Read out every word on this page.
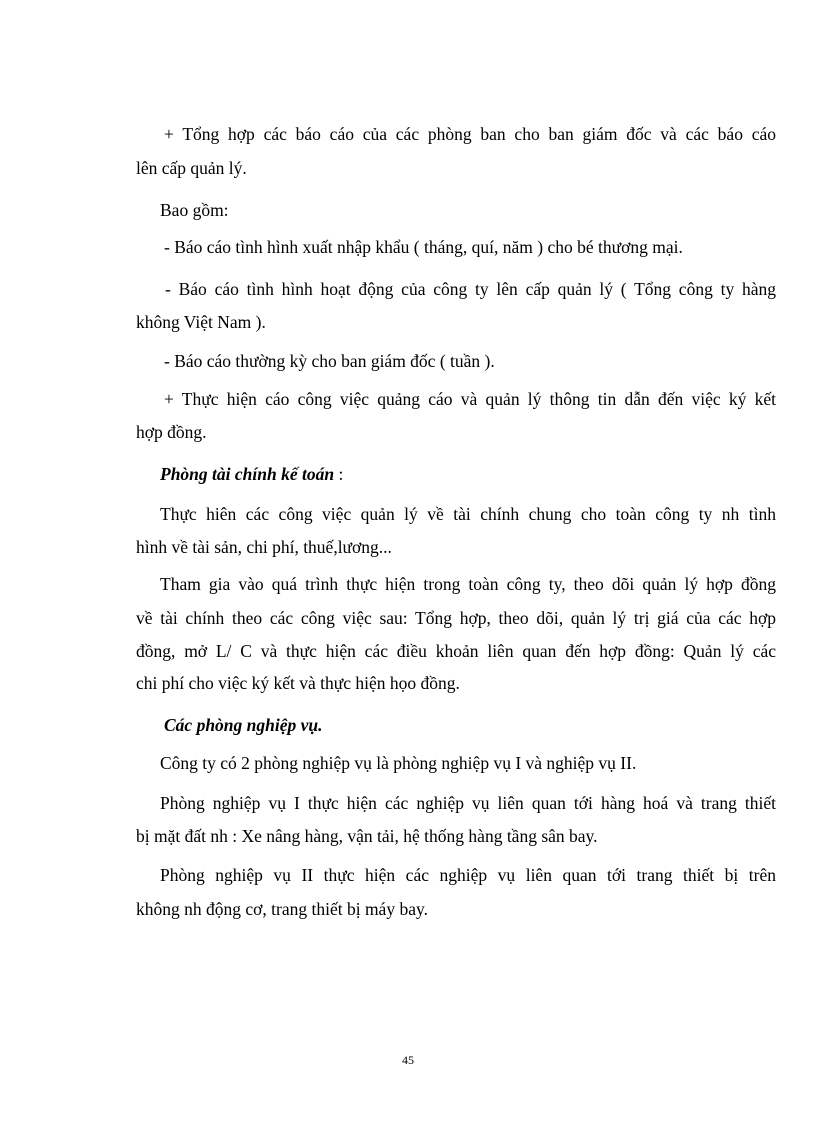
+ Tổng hợp các báo cáo của các phòng ban cho ban giám đốc và các báo cáo
lên cấp quản lý.
Bao gồm:
- Báo cáo tình hình xuất nhập khẩu ( tháng, quí, năm ) cho bé thương mại.
- Báo cáo tình hình hoạt động của công ty lên cấp quản lý ( Tổng công ty hàng
không Việt Nam ).
- Báo cáo thường kỳ cho ban giám đốc ( tuần ).
+ Thực hiện cáo công việc quảng cáo và quản lý thông tin dẫn đến việc ký kết
hợp đồng.
Phòng tài chính kế toán :
Thực hiên các công việc quản lý về tài chính chung cho toàn công ty nh tình
hình về tài sản, chi phí, thuế,lương...
Tham gia vào quá trình thực hiện trong toàn công ty, theo dõi quản lý hợp đồng
về tài chính theo các công việc sau: Tổng hợp, theo dõi, quản lý trị giá của các hợp
đồng, mở L/ C và thực hiện các điều khoản liên quan đến hợp đồng: Quản lý các
chi phí cho việc ký kết và thực hiện họo đồng.
Các phòng nghiệp vụ.
Công ty có 2 phòng nghiệp vụ là phòng nghiệp vụ I và nghiệp vụ II.
Phòng nghiệp vụ I thực hiện các nghiệp vụ liên quan tới hàng hoá và trang thiết
bị mặt đất nh : Xe nâng hàng, vận tải, hệ thống hàng tầng sân bay.
Phòng nghiệp vụ II thực hiện các nghiệp vụ liên quan tới trang thiết bị trên
không nh động cơ, trang thiết bị máy bay.
45
